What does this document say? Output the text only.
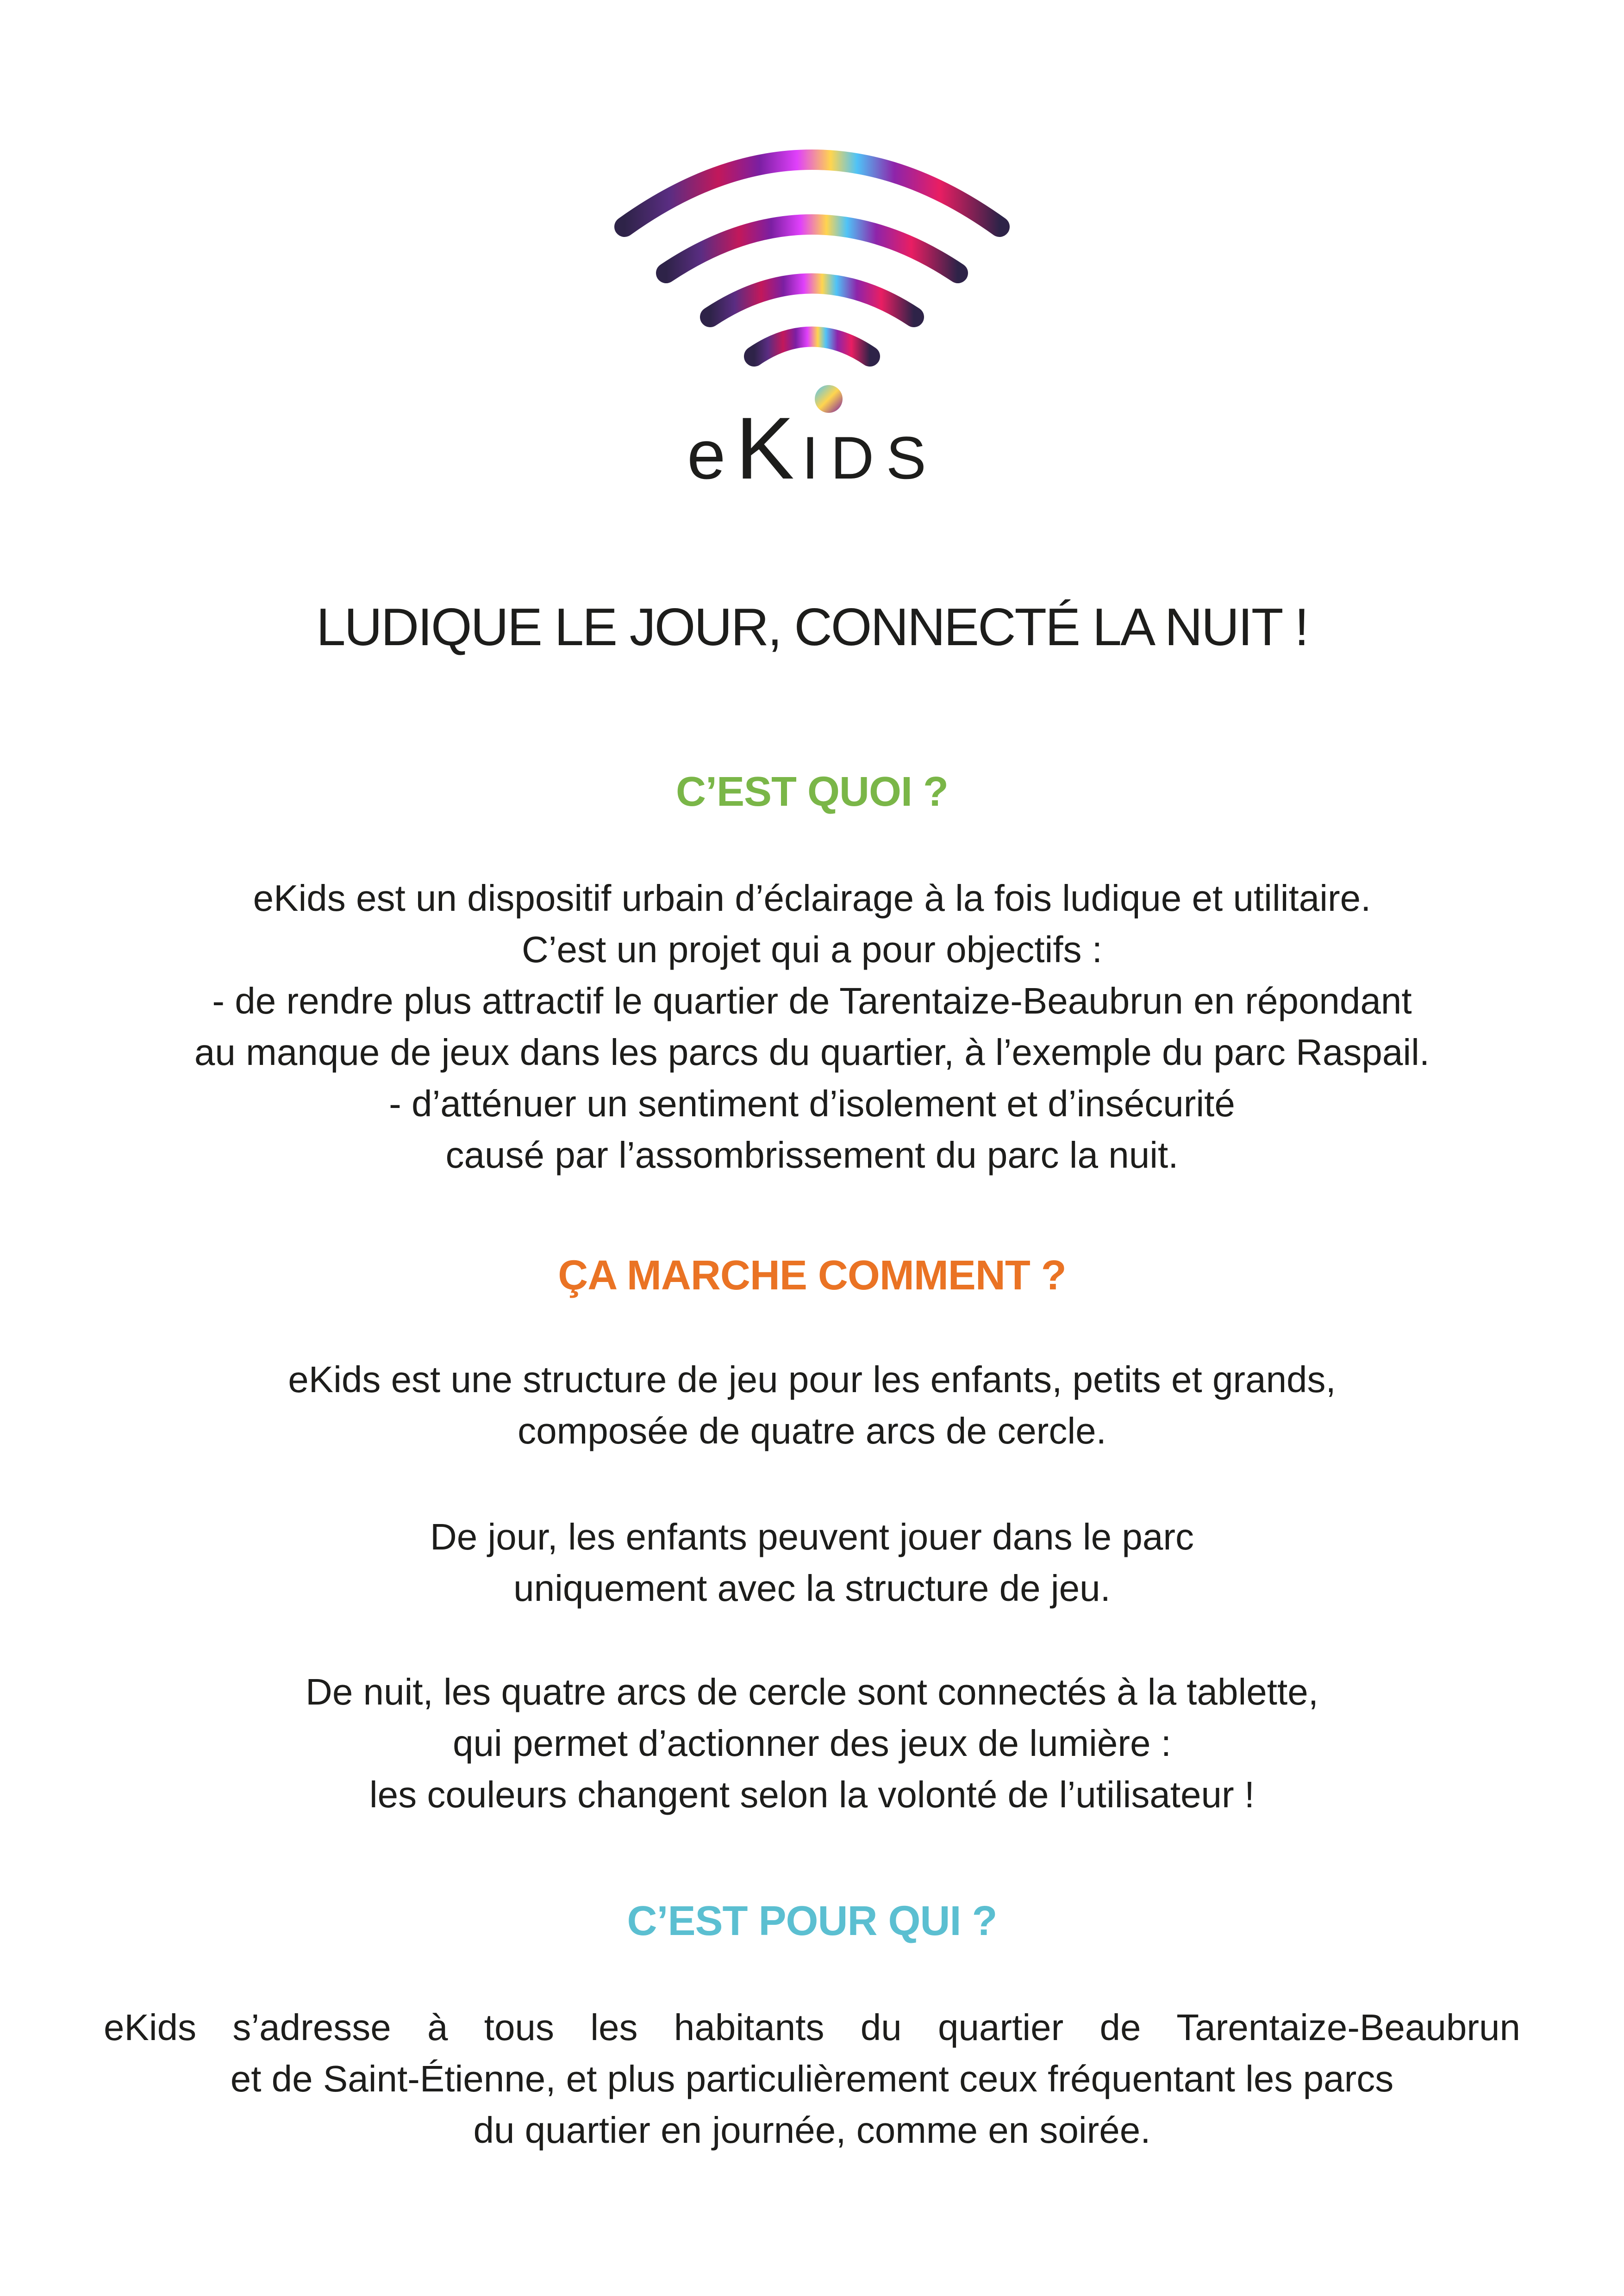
e K IDS
LUDIQUE LE JOUR, CONNECTÉ LA NUIT !
C’EST QUOI ?
eKids est un dispositif urbain d’éclairage à la fois ludique et utilitaire.
C’est un projet qui a pour objectifs :
- de rendre plus attractif le quartier de Tarentaize-Beaubrun en répondant
au manque de jeux dans les parcs du quartier, à l’exemple du parc Raspail.
- d’atténuer un sentiment d’isolement et d’insécurité
causé par l’assombrissement du parc la nuit.
ÇA MARCHE COMMENT ?
eKids est une structure de jeu pour les enfants, petits et grands,
composée de quatre arcs de cercle.
De jour, les enfants peuvent jouer dans le parc
uniquement avec la structure de jeu.
De nuit, les quatre arcs de cercle sont connectés à la tablette,
qui permet d’actionner des jeux de lumière :
les couleurs changent selon la volonté de l’utilisateur !
C’EST POUR QUI ?
eKids s’adresse à tous les habitants du quartier de Tarentaize-Beaubrun
et de Saint-Étienne, et plus particulièrement ceux fréquentant les parcs
du quartier en journée, comme en soirée.
